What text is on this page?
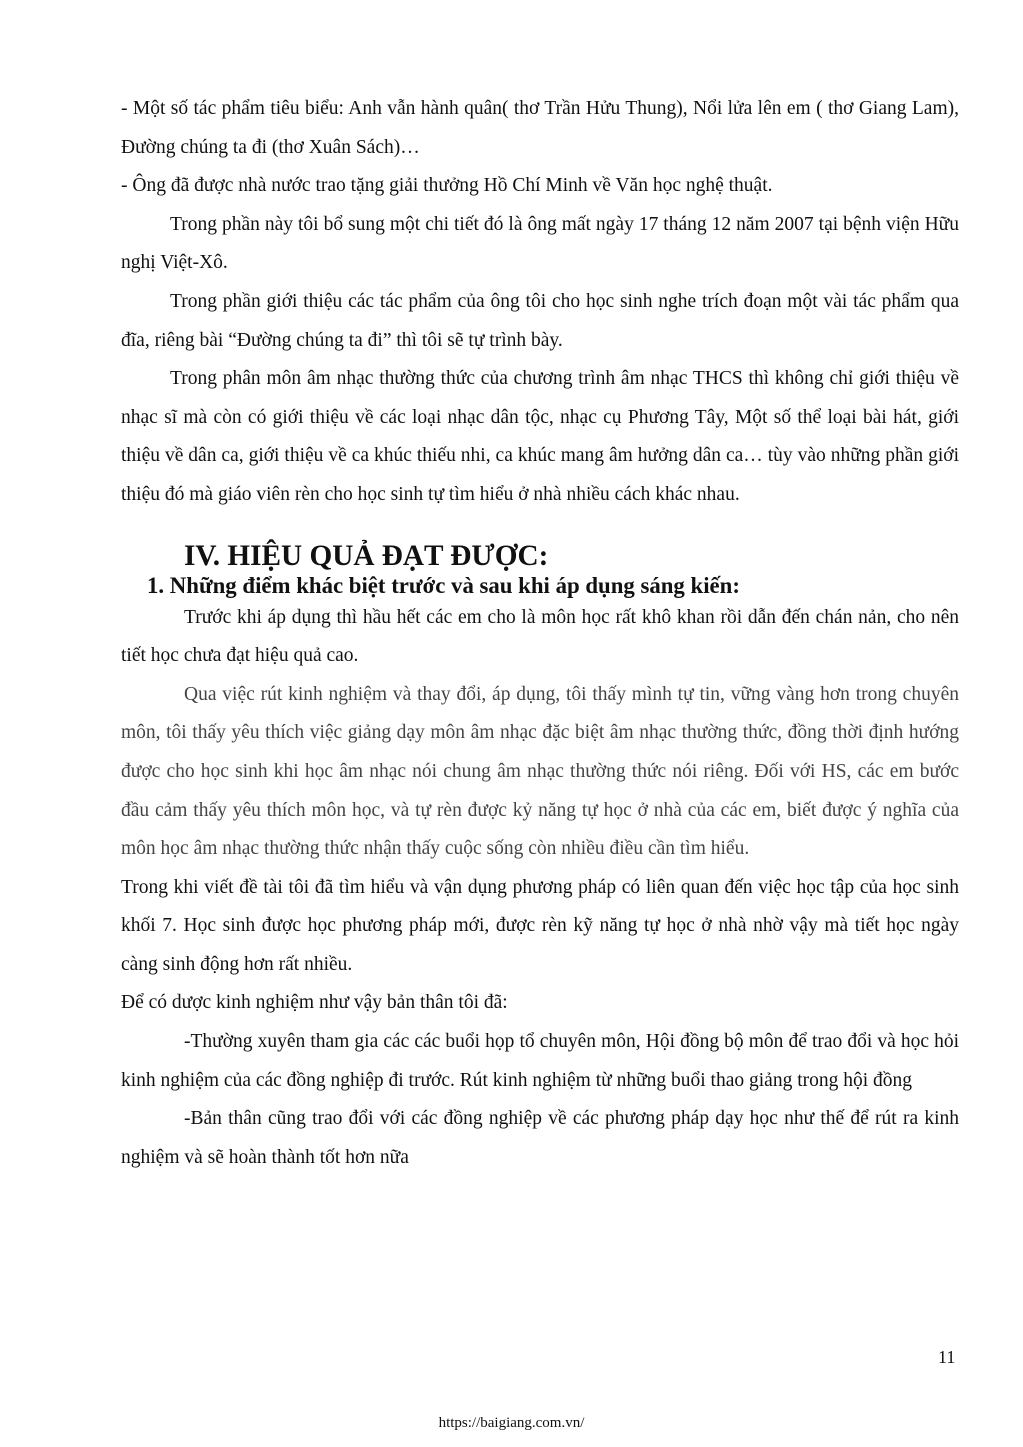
- Một số tác phẩm tiêu biểu: Anh vẫn hành quân( thơ Trần Hửu Thung), Nổi lửa lên em ( thơ Giang Lam), Đường chúng ta đi (thơ Xuân Sách)…

- Ông đã được nhà nước trao tặng giải thưởng Hồ Chí Minh về Văn học nghệ thuật.

Trong phần này tôi bổ sung một chi tiết đó là ông mất ngày 17 tháng 12 năm 2007 tại bệnh viện Hữu nghị Việt-Xô.

Trong phần giới thiệu các tác phẩm của ông tôi cho học sinh nghe trích đoạn một vài tác phẩm qua đĩa, riêng bài “Đường chúng ta đi” thì tôi sẽ tự trình bày.

Trong phân môn âm nhạc thường thức của chương trình âm nhạc THCS thì không chỉ giới thiệu về nhạc sĩ mà còn có giới thiệu về các loại nhạc dân tộc, nhạc cụ Phương Tây, Một số thể loại bài hát, giới thiệu về dân ca, giới thiệu về ca khúc thiếu nhi, ca khúc mang âm hưởng dân ca… tùy vào những phần giới thiệu đó mà giáo viên rèn cho học sinh tự tìm hiểu ở nhà nhiều cách khác nhau.

IV. HIỆU QUẢ ĐẠT ĐƯỢC:
1. Những điểm khác biệt trước và sau khi áp dụng sáng kiến:

Trước khi áp dụng thì hầu hết các em cho là môn học rất khô khan rồi dẫn đến chán nản, cho nên tiết học chưa đạt hiệu quả cao.

Qua việc rút kinh nghiệm và thay đổi, áp dụng, tôi thấy mình tự tin, vững vàng hơn trong chuyên môn, tôi thấy yêu thích việc giảng dạy môn âm nhạc đặc biệt âm nhạc thường thức, đồng thời định hướng được cho học sinh khi học âm nhạc nói chung âm nhạc thường thức nói riêng. Đối với HS, các em bước đầu cảm thấy yêu thích môn học, và tự rèn được kỷ năng tự học ở nhà của các em, biết được ý nghĩa của môn học âm nhạc thường thức nhận thấy cuộc sống còn nhiều điều cần tìm hiểu.

Trong khi viết đề tài tôi đã tìm hiểu và vận dụng phương pháp có liên quan đến việc học tập của học sinh khối 7. Học sinh được học phương pháp mới, được rèn kỹ năng tự học ở nhà nhờ vậy mà tiết học ngày càng sinh động hơn rất nhiều.

Để có dược kinh nghiệm như vậy bản thân tôi đã:

-Thường xuyên tham gia các các buổi họp tổ chuyên môn, Hội đồng bộ môn để trao đổi và học hỏi kinh nghiệm của các đồng nghiệp đi trước. Rút kinh nghiệm từ những buổi thao giảng trong hội đồng

-Bản thân cũng trao đổi với các đồng nghiệp về các phương pháp dạy học như thế để rút ra kinh nghiệm và sẽ hoàn thành tốt hơn nữa

11
https://baigiang.com.vn/
